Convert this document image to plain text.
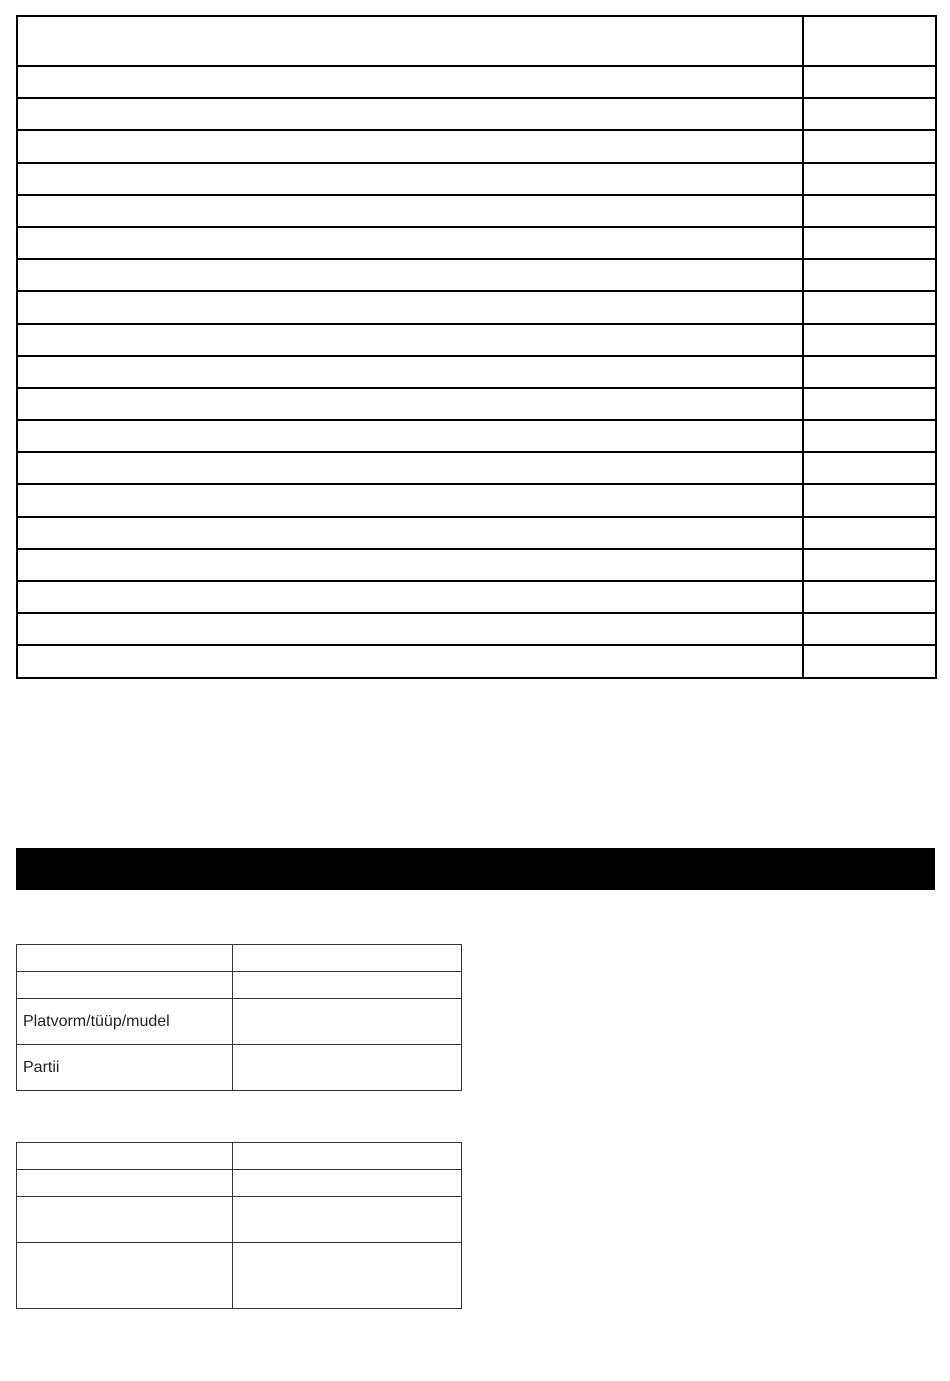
Platvorm/tüüp/mudel	
Partii	
